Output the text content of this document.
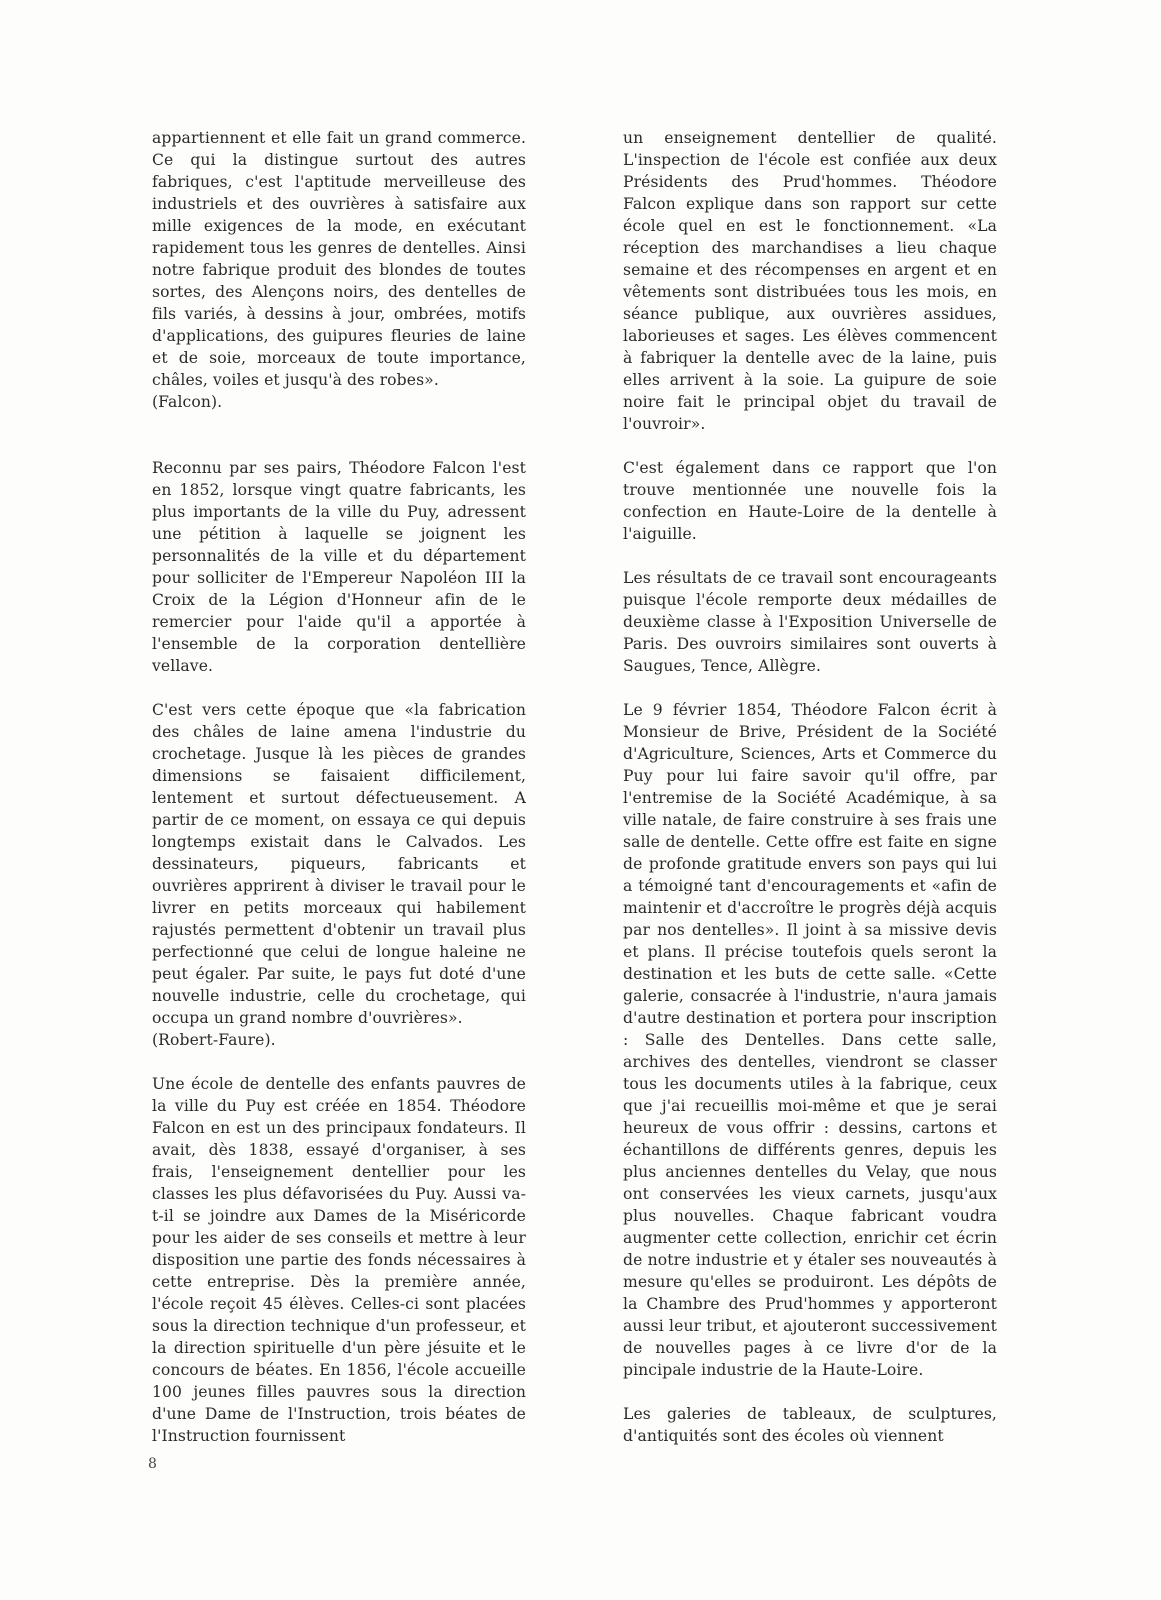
appartiennent et elle fait un grand commerce. Ce qui la distingue surtout des autres fabriques, c'est l'aptitude merveilleuse des industriels et des ouvrières à satisfaire aux mille exigences de la mode, en exécutant rapidement tous les genres de dentelles. Ainsi notre fabrique produit des blondes de toutes sortes, des Alençons noirs, des dentelles de fils variés, à dessins à jour, ombrées, motifs d'applications, des guipures fleuries de laine et de soie, morceaux de toute importance, châles, voiles et jusqu'à des robes».

(Falcon).

Reconnu par ses pairs, Théodore Falcon l'est en 1852, lorsque vingt quatre fabricants, les plus importants de la ville du Puy, adressent une pétition à laquelle se joignent les personnalités de la ville et du département pour solliciter de l'Empereur Napoléon III la Croix de la Légion d'Honneur afin de le remercier pour l'aide qu'il a apportée à l'ensemble de la corporation dentellière vellave.

C'est vers cette époque que «la fabrication des châles de laine amena l'industrie du crochetage. Jusque là les pièces de grandes dimensions se faisaient difficilement, lentement et surtout défectueusement. A partir de ce moment, on essaya ce qui depuis longtemps existait dans le Calvados. Les dessinateurs, piqueurs, fabricants et ouvrières apprirent à diviser le travail pour le livrer en petits morceaux qui habilement rajustés permettent d'obtenir un travail plus perfectionné que celui de longue haleine ne peut égaler. Par suite, le pays fut doté d'une nouvelle industrie, celle du crochetage, qui occupa un grand nombre d'ouvrières».

(Robert-Faure).

Une école de dentelle des enfants pauvres de la ville du Puy est créée en 1854. Théodore Falcon en est un des principaux fondateurs. Il avait, dès 1838, essayé d'organiser, à ses frais, l'enseignement dentellier pour les classes les plus défavorisées du Puy. Aussi va-t-il se joindre aux Dames de la Miséricorde pour les aider de ses conseils et mettre à leur disposition une partie des fonds nécessaires à cette entreprise. Dès la première année, l'école reçoit 45 élèves. Celles-ci sont placées sous la direction technique d'un professeur, et la direction spirituelle d'un père jésuite et le concours de béates. En 1856, l'école accueille 100 jeunes filles pauvres sous la direction d'une Dame de l'Instruction, trois béates de l'Instruction fournissent

un enseignement dentellier de qualité. L'inspection de l'école est confiée aux deux Présidents des Prud'hommes. Théodore Falcon explique dans son rapport sur cette école quel en est le fonctionnement. «La réception des marchandises a lieu chaque semaine et des récompenses en argent et en vêtements sont distribuées tous les mois, en séance publique, aux ouvrières assidues, laborieuses et sages. Les élèves commencent à fabriquer la dentelle avec de la laine, puis elles arrivent à la soie. La guipure de soie noire fait le principal objet du travail de l'ouvroir».

C'est également dans ce rapport que l'on trouve mentionnée une nouvelle fois la confection en Haute-Loire de la dentelle à l'aiguille.

Les résultats de ce travail sont encourageants puisque l'école remporte deux médailles de deuxième classe à l'Exposition Universelle de Paris. Des ouvroirs similaires sont ouverts à Saugues, Tence, Allègre.

Le 9 février 1854, Théodore Falcon écrit à Monsieur de Brive, Président de la Société d'Agriculture, Sciences, Arts et Commerce du Puy pour lui faire savoir qu'il offre, par l'entremise de la Société Académique, à sa ville natale, de faire construire à ses frais une salle de dentelle. Cette offre est faite en signe de profonde gratitude envers son pays qui lui a témoigné tant d'encouragements et «afin de maintenir et d'accroître le progrès déjà acquis par nos dentelles». Il joint à sa missive devis et plans. Il précise toutefois quels seront la destination et les buts de cette salle. «Cette galerie, consacrée à l'industrie, n'aura jamais d'autre destination et portera pour inscription : Salle des Dentelles. Dans cette salle, archives des dentelles, viendront se classer tous les documents utiles à la fabrique, ceux que j'ai recueillis moi-même et que je serai heureux de vous offrir : dessins, cartons et échantillons de différents genres, depuis les plus anciennes dentelles du Velay, que nous ont conservées les vieux carnets, jusqu'aux plus nouvelles. Chaque fabricant voudra augmenter cette collection, enrichir cet écrin de notre industrie et y étaler ses nouveautés à mesure qu'elles se produiront. Les dépôts de la Chambre des Prud'hommes y apporteront aussi leur tribut, et ajouteront successivement de nouvelles pages à ce livre d'or de la pincipale industrie de la Haute-Loire.

Les galeries de tableaux, de sculptures, d'antiquités sont des écoles où viennent

8
